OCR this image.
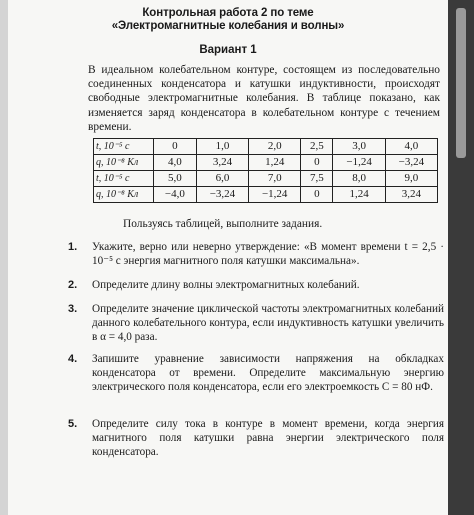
Контрольная работа 2 по теме
«Электромагнитные колебания и волны»
Вариант 1
В идеальном колебательном контуре, состоящем из последовательно соединенных конденсатора и катушки индуктивности, происходят свободные электромагнитные колебания. В таблице показано, как изменяется заряд конденсатора в колебательном контуре с течением времени.
t, 10⁻⁵ с	0	1,0	2,0	2,5	3,0	4,0
q, 10⁻⁸ Кл	4,0	3,24	1,24	0	−1,24	−3,24
t, 10⁻⁵ с	5,0	6,0	7,0	7,5	8,0	9,0
q, 10⁻⁸ Кл	−4,0	−3,24	−1,24	0	1,24	3,24
Пользуясь таблицей, выполните задания.
1. Укажите, верно или неверно утверждение: «В момент времени t = 2,5 · 10⁻⁵ с энергия магнитного поля катушки максимальна».
2. Определите длину волны электромагнитных колебаний.
3. Определите значение циклической частоты электромагнитных колебаний данного колебательного контура, если индуктивность катушки увеличить в α = 4,0 раза.
4. Запишите уравнение зависимости напряжения на обкладках конденсатора от времени. Определите максимальную энергию электрического поля конденсатора, если его электроемкость C = 80 нФ.
5. Определите силу тока в контуре в момент времени, когда энергия магнитного поля катушки равна энергии электрического поля конденсатора.
